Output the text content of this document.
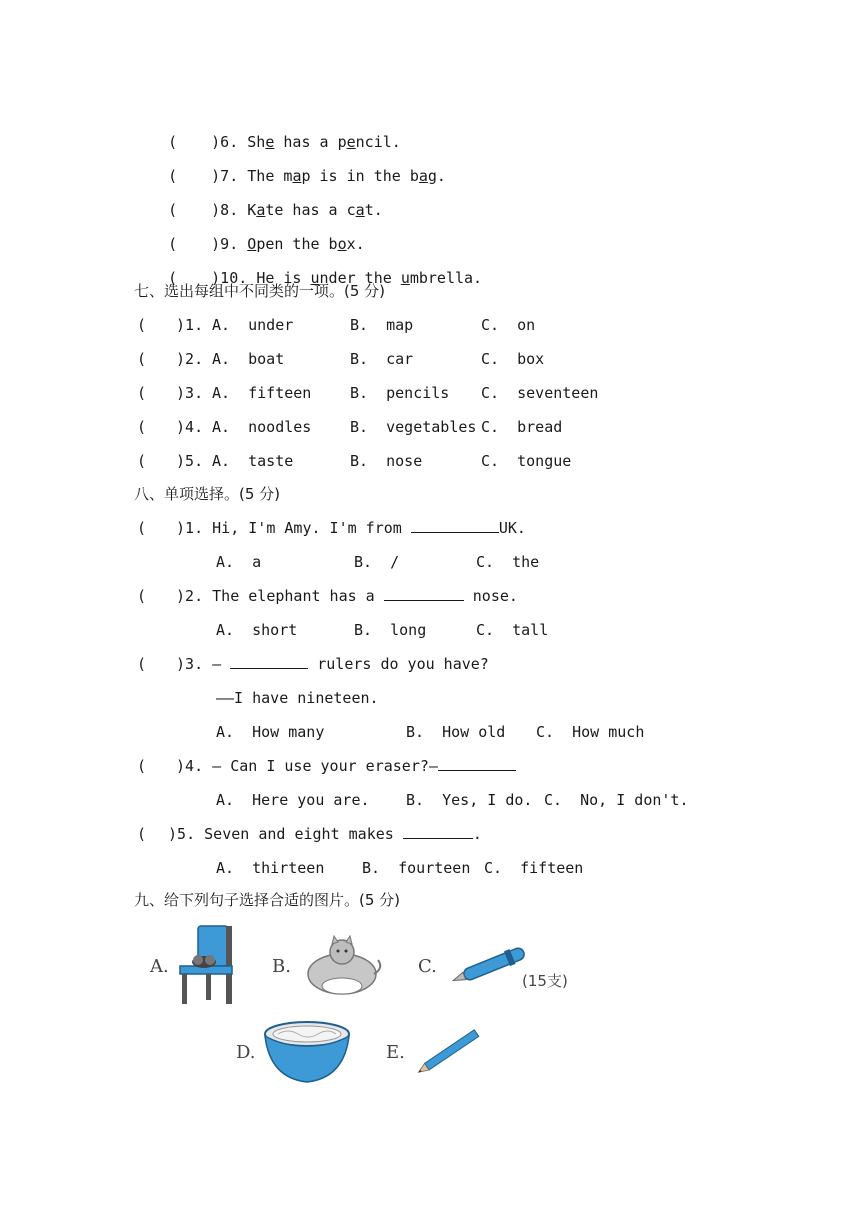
( )6. She has a pencil.

( )7. The map is in the bag.

( )8. Kate has a cat.

( )9. Open the box.

( )10. He is under the umbrella.

七、选出每组中不同类的一项。(5 分)
( )1. A.  under	B.  map	C.  on
( )2. A.  boat	B.  car	C.  box
( )3. A.  fifteen	B.  pencils C.  seventeen
( )4. A.  noodles	B.  vegetables C.  bread
( )5. A.  taste	B.  nose	C.  tongue
八、单项选择。(5 分)
( )1. Hi, I'm Amy. I'm from	UK.
A.  a	B.  /	C.  the
( )2. The elephant has a	nose.
A.  short	B.  long	C.  tall
( )3. —	rulers do you have?
——I have nineteen.
A.  How many	B.  How old C.  How much
( )4. — Can I use your eraser?—
A.  Here you are. B.  Yes, I do. C.  No, I don't.
( )5. Seven and eight makes	.
A.  thirteen	B.  fourteen C.  fifteen
九、给下列句子选择合适的图片。(5 分)
A.	B.	C.
(15支)
D.	E.
